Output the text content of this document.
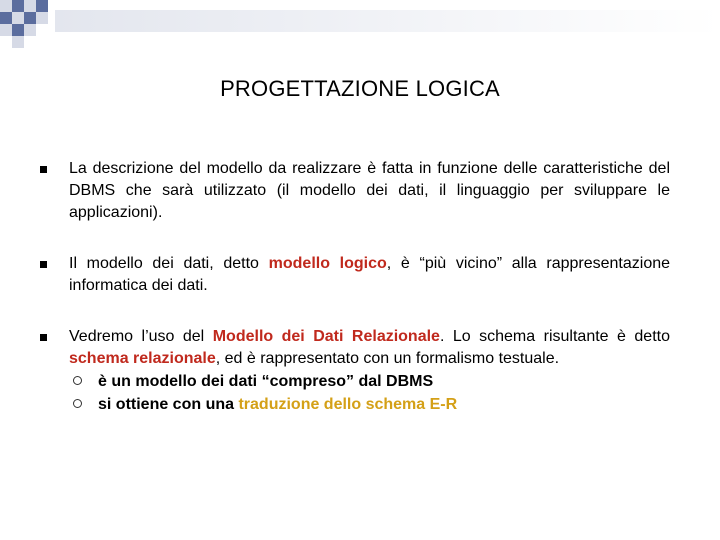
PROGETTAZIONE LOGICA
La descrizione del modello da realizzare è fatta in funzione delle caratteristiche del DBMS che sarà utilizzato (il modello dei dati, il linguaggio per sviluppare le applicazioni).
Il modello dei dati, detto modello logico, è “più vicino” alla rappresentazione informatica dei dati.
Vedremo l’uso del Modello dei Dati Relazionale. Lo schema risultante è detto schema relazionale, ed è rappresentato con un formalismo testuale.
è un modello dei dati “compreso” dal DBMS
si ottiene con una traduzione dello schema E-R
